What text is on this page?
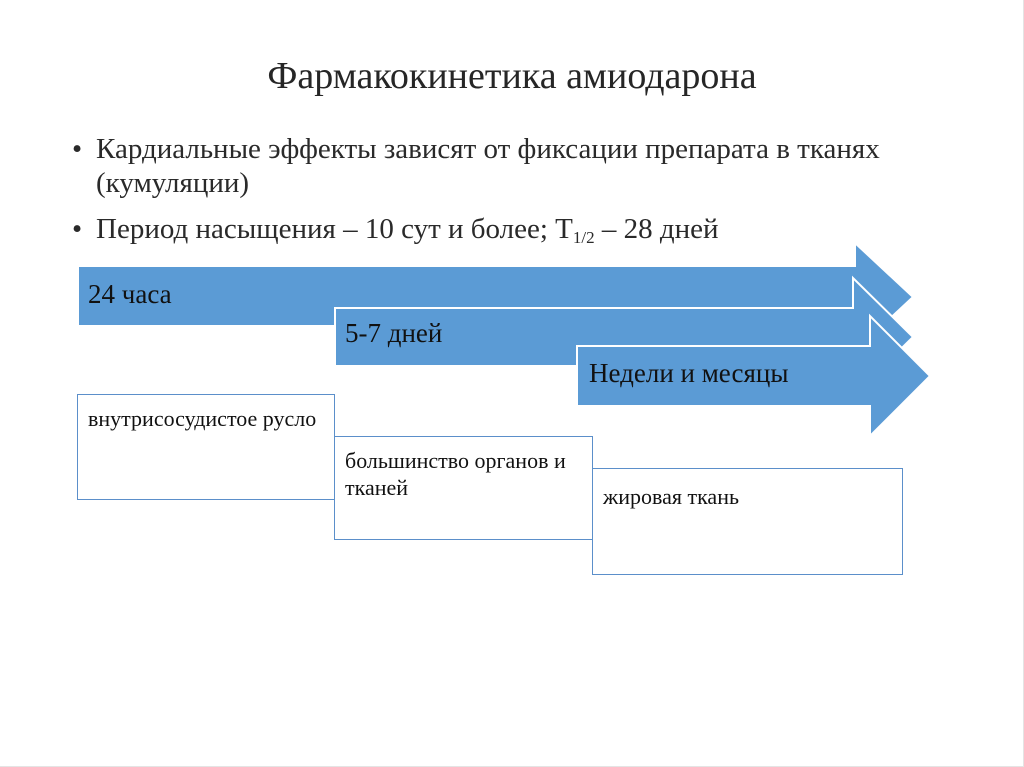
Фармакокинетика амиодарона
• Кардиальные эффекты зависят от фиксации препарата в тканях (кумуляции)
• Период насыщения – 10 сут и более; $T_{1/2} - 28$ дней
24 часа
5-7 дней
Недели и месяцы
внутрисосудистое русло
большинство органов и тканей	жировая ткань
